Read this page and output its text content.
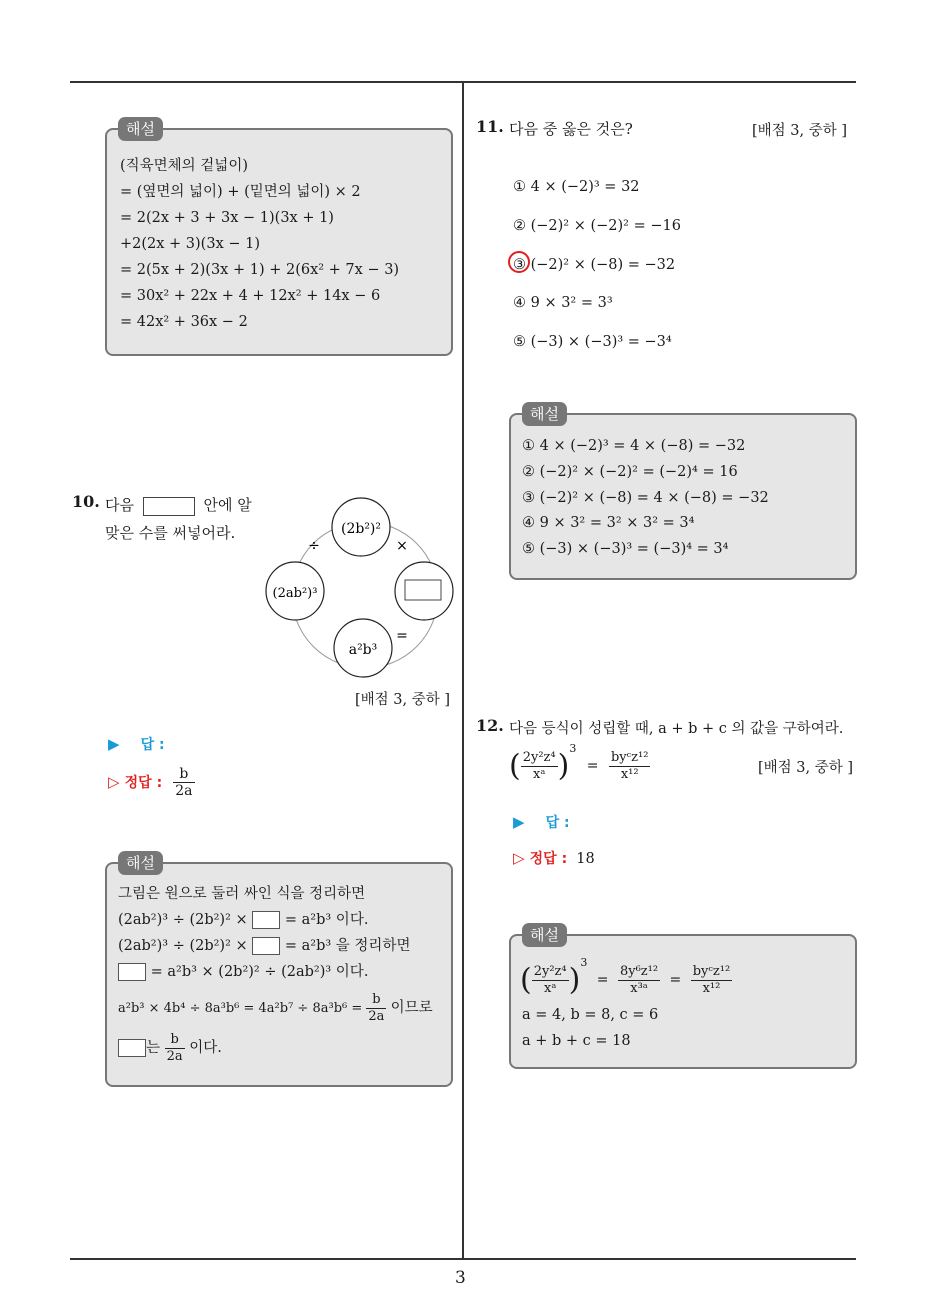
3
해설
(직육면체의 겉넓이)
= (옆면의 넓이) + (밑면의 넓이) × 2
= 2(2x + 3 + 3x − 1)(3x + 1)
+2(2x + 3)(3x − 1)
= 2(5x + 2)(3x + 1) + 2(6x² + 7x − 3)
= 30x² + 22x + 4 + 12x² + 14x − 6
= 42x² + 36x − 2
10. 다음	안에 알
맞은 수를 써넣어라.	(2b²)²
(2ab²)³
a²b³
÷	×
=
[배점 3, 중하 ]
▶ 답 :
▷ 정답 : $\frac{b}{2a}$
해설
그림은 원으로 둘러 싸인 식을 정리하면
(2ab²)³ ÷ (2b²)² ×	= a²b³ 이다.
(2ab²)³ ÷ (2b²)² ×	= a²b³ 을 정리하면
= a²b³ × (2b²)² ÷ (2ab²)³ 이다.
$a^2b^3 \times 4b^4 \div 8a^3b^6 = 4a^2b^7 \div 8a^3b^6 = \frac{b}{2a}$ 이므로
는 $\frac{b}{2a}$ 이다.
11. 다음 중 옳은 것은?	[배점 3, 중하 ]
① 4 × (−2)³ = 32
② (−2)² × (−2)² = −16
③ (−2)² × (−8) = −32
④ 9 × 3² = 3³
⑤ (−3) × (−3)³ = −3⁴
해설
① 4 × (−2)³ = 4 × (−8) = −32
② (−2)² × (−2)² = (−2)⁴ = 16
③ (−2)² × (−8) = 4 × (−8) = −32
④ 9 × 3² = 3² × 3² = 3⁴
⑤ (−3) × (−3)³ = (−3)⁴ = 3⁴
12. 다음 등식이 성립할 때, a + b + c 의 값을 구하여라.
( $\frac{\text{2y²z⁴}}{\text{xᵃ}} )^3 = \frac{\text{byᶜz¹²}}{\text{x¹²}}$	[배점 3, 중하 ]
▶ 답 :
▷ 정답 : 18
해설
( $\frac{\text{2y²z⁴}}{\text{xᵃ}} )^3 = \frac{\text{8y⁶z¹²}}{\text{x³ᵃ}} = \frac{\text{byᶜz¹²}}{\text{x¹²}}$
a = 4, b = 8, c = 6
a + b + c = 18
